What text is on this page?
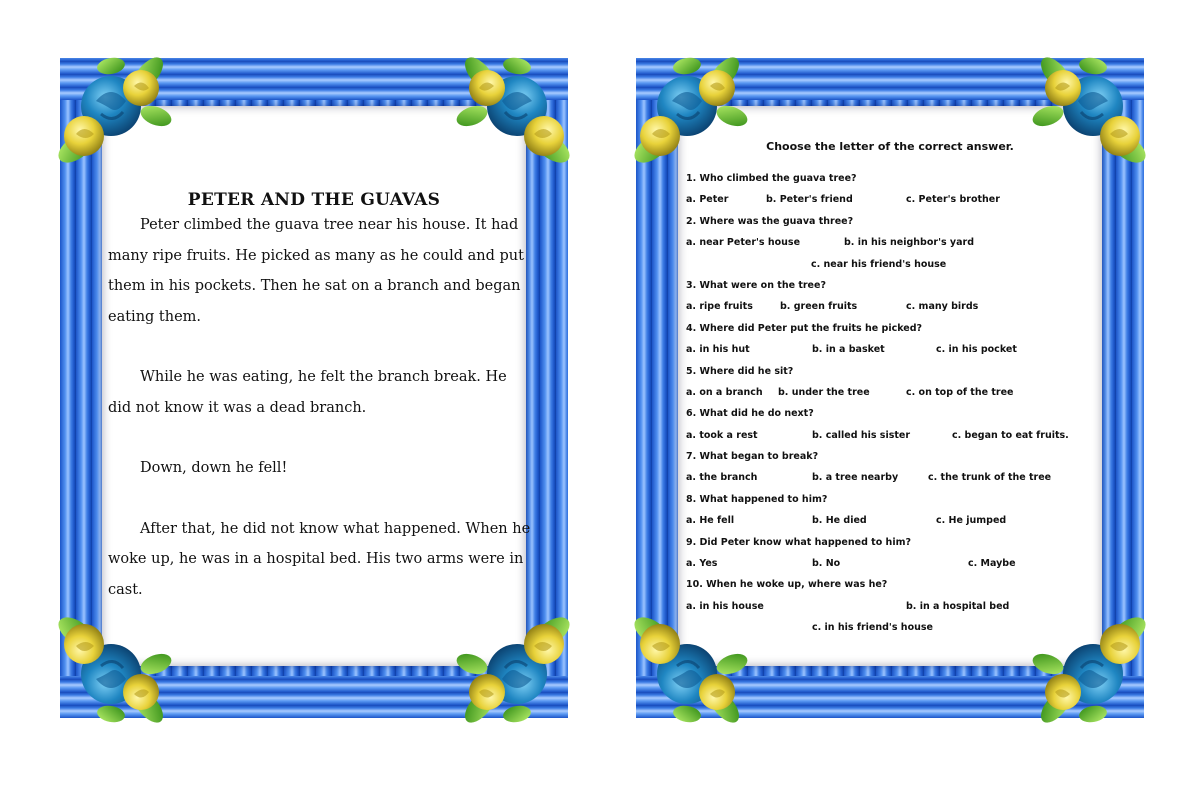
PETER AND THE GUAVAS

Peter climbed the guava tree near his house. It had many ripe fruits. He picked as many as he could and put them in his pockets. Then he sat on a branch and began eating them.

While he was eating, he felt the branch break. He did not know it was a dead branch.

Down, down he fell!

After that, he did not know what happened. When he woke up, he was in a hospital bed. His two arms were in cast.

Choose the letter of the correct answer.
1. Who climbed the guava tree?
a. Peter	b. Peter's friend	c. Peter's brother
2. Where was the guava three?
a. near Peter's house	b. in his neighbor's yard
c. near his friend's house
3. What were on the tree?
a. ripe fruits	b. green fruits	c. many birds
4. Where did Peter put the fruits he picked?
a. in his hut	b. in a basket	c. in his pocket
5. Where did he sit?
a. on a branch b. under the tree	c. on top of the tree
6. What did he do next?
a. took a rest	b. called his sister	c. began to eat fruits.
7. What began to break?
a. the branch	b. a tree nearby	c. the trunk of the tree
8. What happened to him?
a. He fell	b. He died	c. He jumped
9. Did Peter know what happened to him?
a. Yes	b. No	c. Maybe
10. When he woke up, where was he?
a. in his house	b. in a hospital bed
c. in his friend's house
